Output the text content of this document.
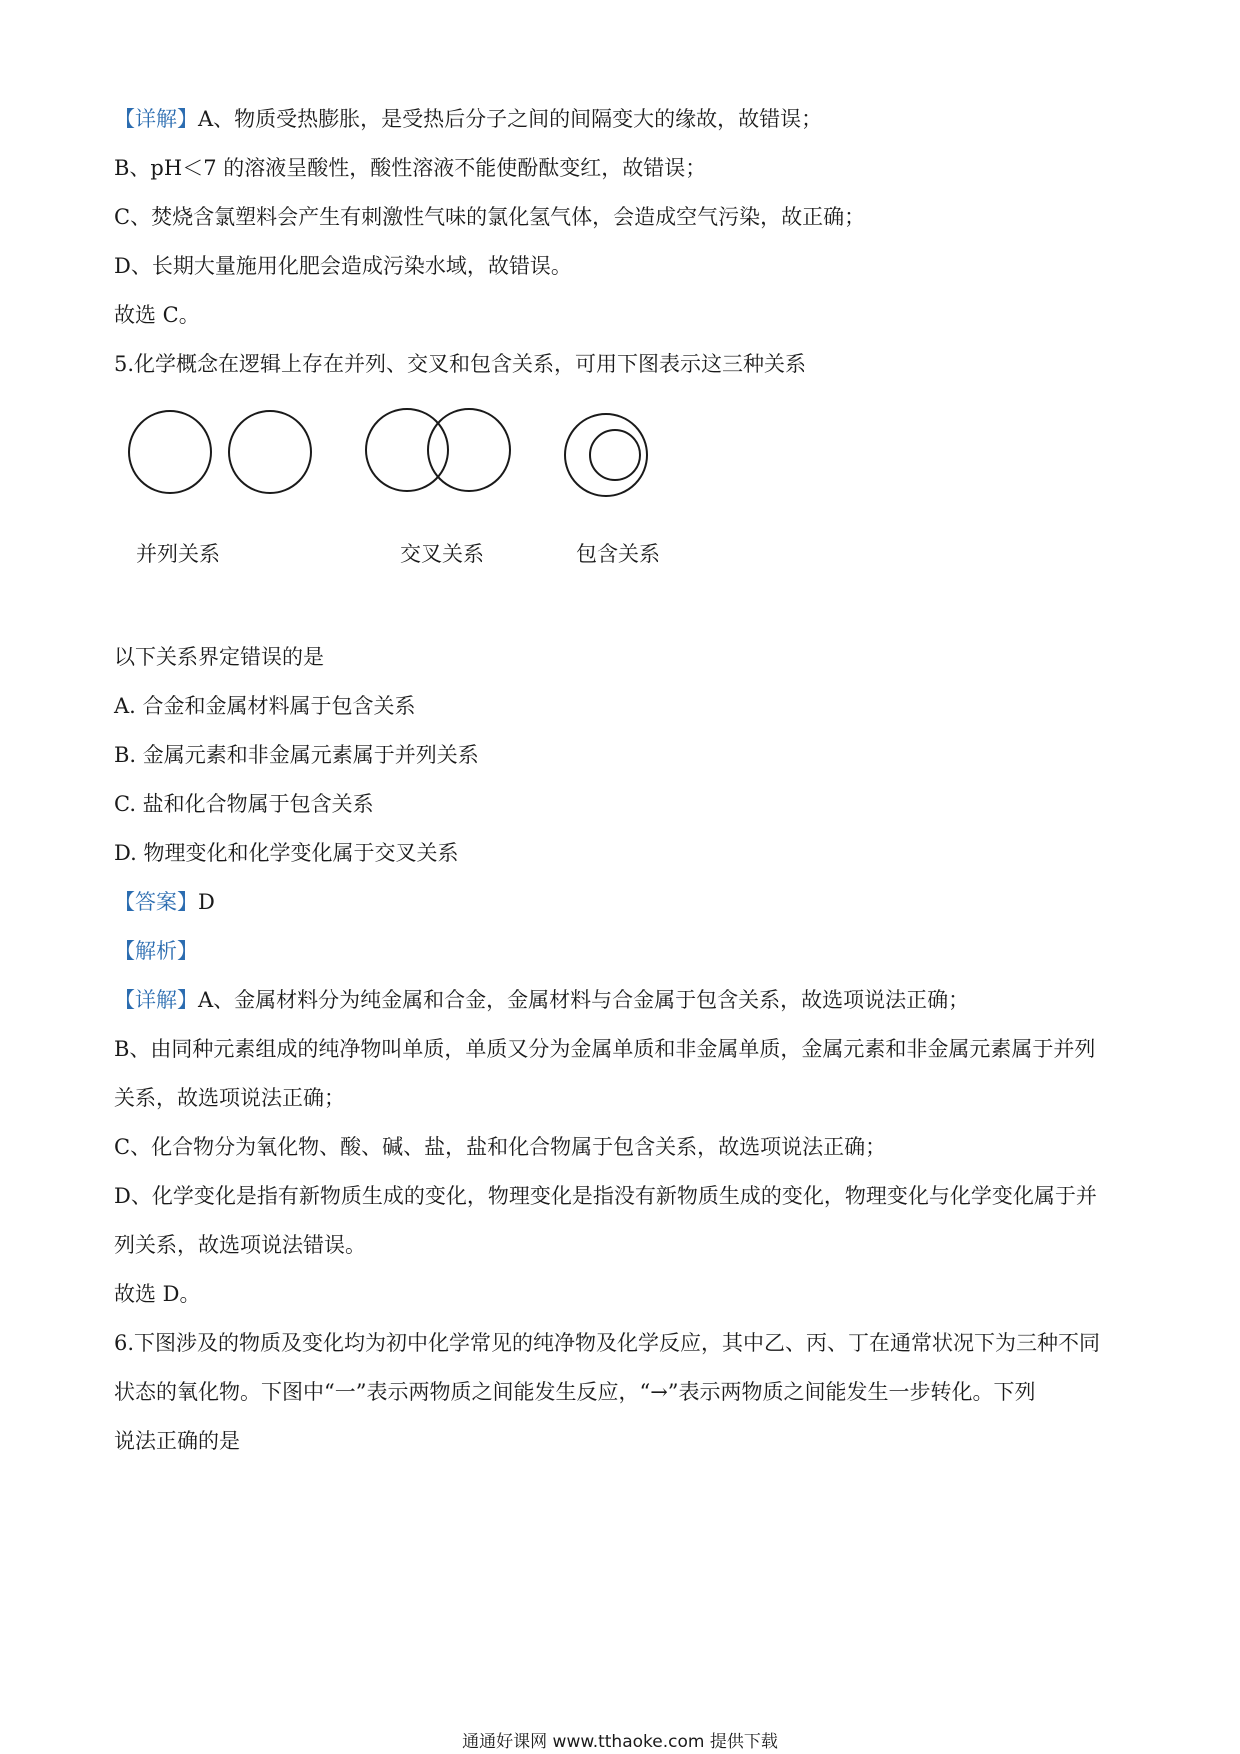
【详解】A、物质受热膨胀，是受热后分子之间的间隔变大的缘故，故错误；
B、pH＜7 的溶液呈酸性，酸性溶液不能使酚酞变红，故错误；
C、焚烧含氯塑料会产生有刺激性气味的氯化氢气体，会造成空气污染，故正确；
D、长期大量施用化肥会造成污染水域，故错误。
故选 C。
5.化学概念在逻辑上存在并列、交叉和包含关系，可用下图表示这三种关系
并列关系	交叉关系	包含关系
以下关系界定错误的是
A. 合金和金属材料属于包含关系
B. 金属元素和非金属元素属于并列关系
C. 盐和化合物属于包含关系
D. 物理变化和化学变化属于交叉关系
【答案】D
【解析】
【详解】A、金属材料分为纯金属和合金，金属材料与合金属于包含关系，故选项说法正确；
B、由同种元素组成的纯净物叫单质，单质又分为金属单质和非金属单质，金属元素和非金属元素属于并列
关系，故选项说法正确；
C、化合物分为氧化物、酸、碱、盐，盐和化合物属于包含关系，故选项说法正确；
D、化学变化是指有新物质生成的变化，物理变化是指没有新物质生成的变化，物理变化与化学变化属于并
列关系，故选项说法错误。
故选 D。
6.下图涉及的物质及变化均为初中化学常见的纯净物及化学反应，其中乙、丙、丁在通常状况下为三种不同
状态的氧化物。下图中“一”表示两物质之间能发生反应，“→”表示两物质之间能发生一步转化。下列
说法正确的是
通通好课网 www.tthaoke.com 提供下载
